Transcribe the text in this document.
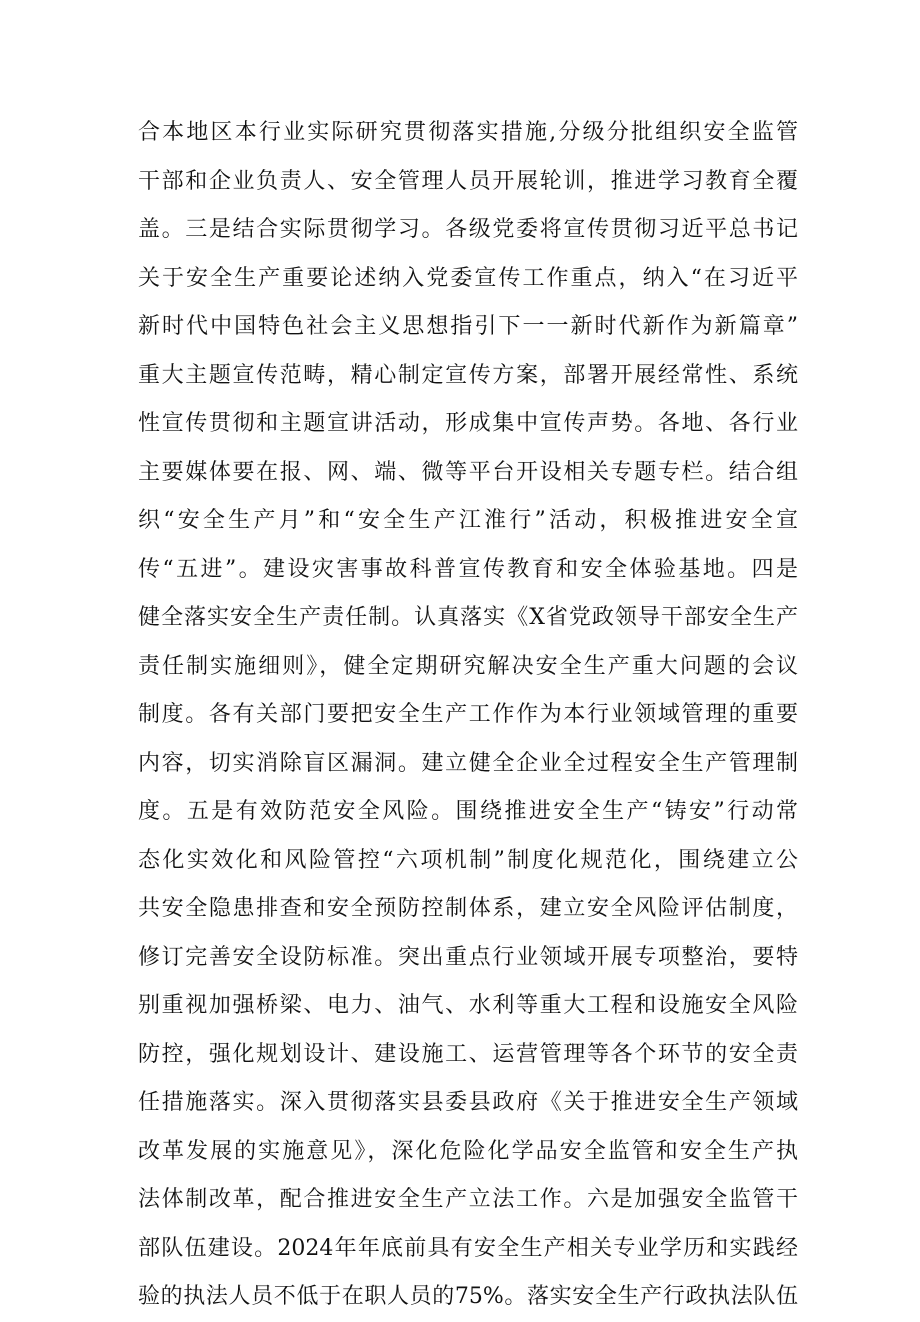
合本地区本行业实际研究贯彻落实措施,分级分批组织安全监管
干部和企业负责人、安全管理人员开展轮训，推进学习教育全覆
盖。三是结合实际贯彻学习。各级党委将宣传贯彻习近平总书记
关于安全生产重要论述纳入党委宣传工作重点，纳入“在习近平
新时代中国特色社会主义思想指引下一一新时代新作为新篇章”
重大主题宣传范畴，精心制定宣传方案，部署开展经常性、系统
性宣传贯彻和主题宣讲活动，形成集中宣传声势。各地、各行业
主要媒体要在报、网、端、微等平台开设相关专题专栏。结合组
织“安全生产月”和“安全生产江淮行”活动，积极推进安全宣
传“五进”。建设灾害事故科普宣传教育和安全体验基地。四是
健全落实安全生产责任制。认真落实《X省党政领导干部安全生产
责任制实施细则》，健全定期研究解决安全生产重大问题的会议
制度。各有关部门要把安全生产工作作为本行业领域管理的重要
内容，切实消除盲区漏洞。建立健全企业全过程安全生产管理制
度。五是有效防范安全风险。围绕推进安全生产“铸安”行动常
态化实效化和风险管控“六项机制”制度化规范化，围绕建立公
共安全隐患排查和安全预防控制体系，建立安全风险评估制度，
修订完善安全设防标准。突出重点行业领域开展专项整治，要特
别重视加强桥梁、电力、油气、水利等重大工程和设施安全风险
防控，强化规划设计、建设施工、运营管理等各个环节的安全责
任措施落实。深入贯彻落实县委县政府《关于推进安全生产领域
改革发展的实施意见》，深化危险化学品安全监管和安全生产执
法体制改革，配合推进安全生产立法工作。六是加强安全监管干
部队伍建设。2024年年底前具有安全生产相关专业学历和实践经
验的执法人员不低于在职人员的75%。落实安全生产行政执法队伍
